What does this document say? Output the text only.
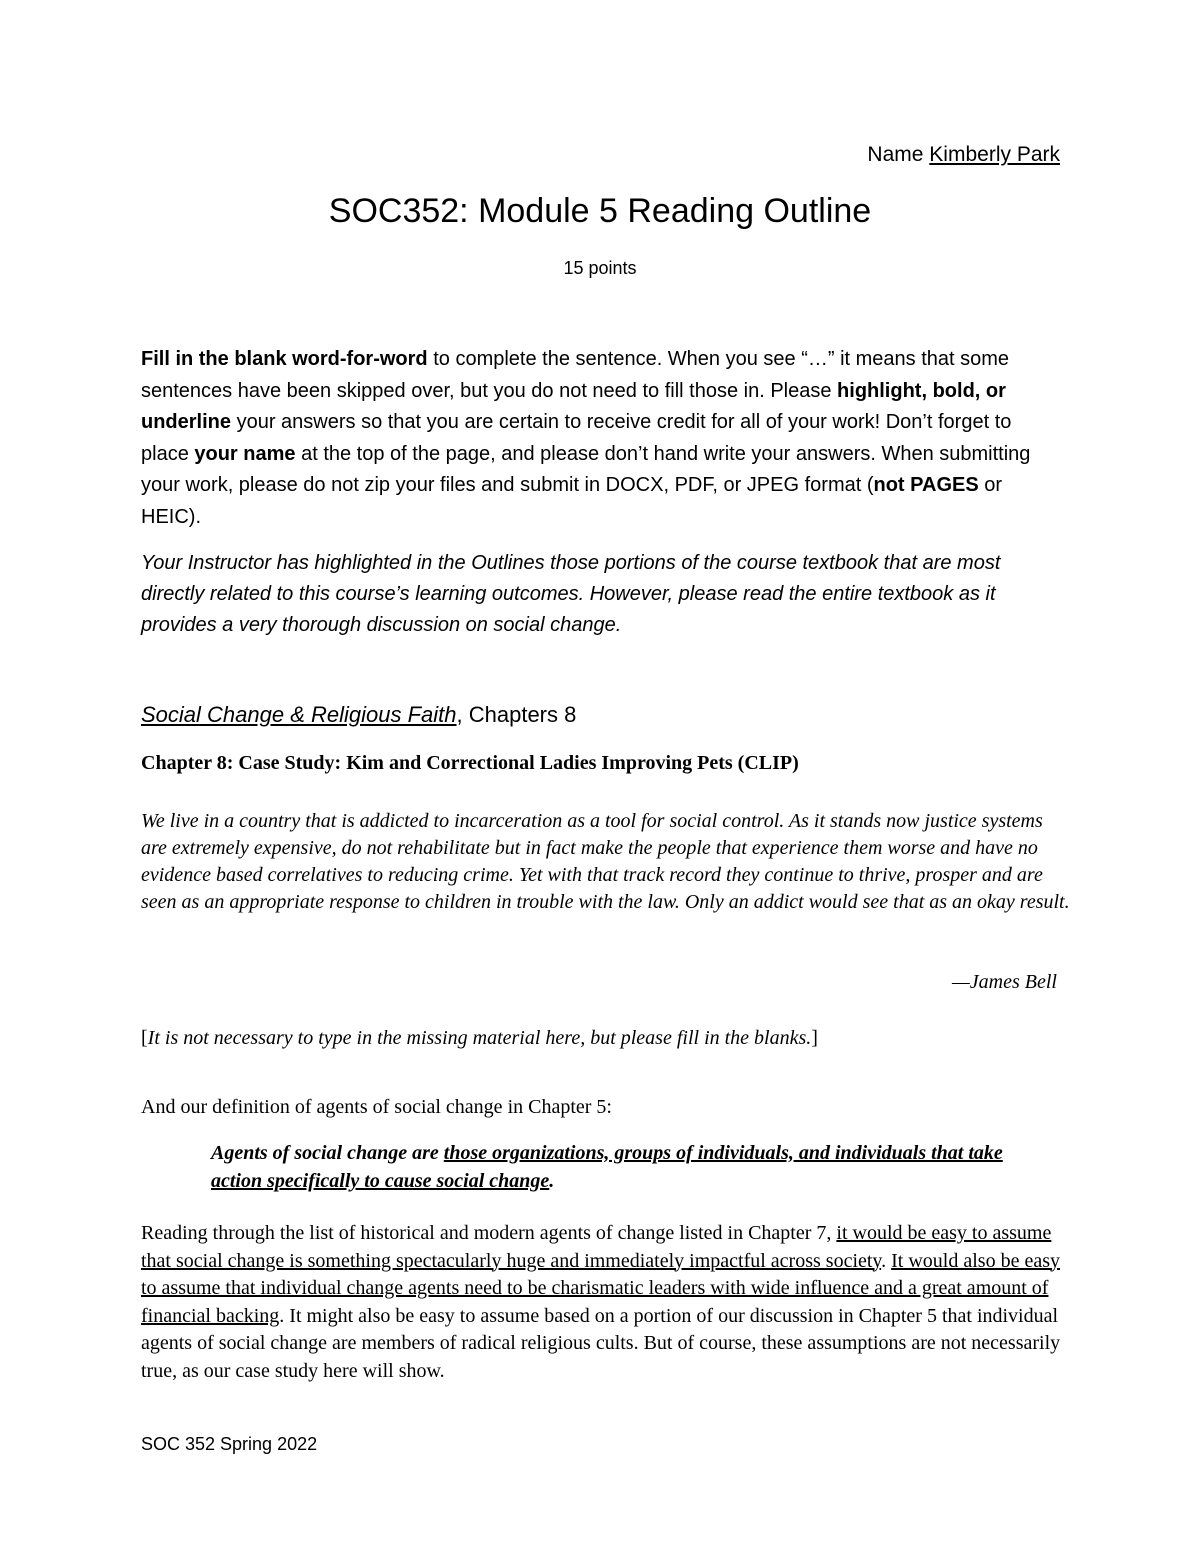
Name Kimberly Park
SOC352: Module 5 Reading Outline
15 points
Fill in the blank word-for-word to complete the sentence. When you see “…” it means that some sentences have been skipped over, but you do not need to fill those in. Please highlight, bold, or underline your answers so that you are certain to receive credit for all of your work! Don’t forget to place your name at the top of the page, and please don’t hand write your answers. When submitting your work, please do not zip your files and submit in DOCX, PDF, or JPEG format (not PAGES or HEIC).
Your Instructor has highlighted in the Outlines those portions of the course textbook that are most directly related to this course’s learning outcomes. However, please read the entire textbook as it provides a very thorough discussion on social change.
Social Change & Religious Faith, Chapters 8
Chapter 8: Case Study: Kim and Correctional Ladies Improving Pets (CLIP)
We live in a country that is addicted to incarceration as a tool for social control. As it stands now justice systems are extremely expensive, do not rehabilitate but in fact make the people that experience them worse and have no evidence based correlatives to reducing crime. Yet with that track record they continue to thrive, prosper and are seen as an appropriate response to children in trouble with the law. Only an addict would see that as an okay result.
—James Bell
[It is not necessary to type in the missing material here, but please fill in the blanks.]
And our definition of agents of social change in Chapter 5:
Agents of social change are those organizations, groups of individuals, and individuals that take action specifically to cause social change.
Reading through the list of historical and modern agents of change listed in Chapter 7, it would be easy to assume that social change is something spectacularly huge and immediately impactful across society. It would also be easy to assume that individual change agents need to be charismatic leaders with wide influence and a great amount of financial backing. It might also be easy to assume based on a portion of our discussion in Chapter 5 that individual agents of social change are members of radical religious cults. But of course, these assumptions are not necessarily true, as our case study here will show.
SOC 352 Spring 2022
